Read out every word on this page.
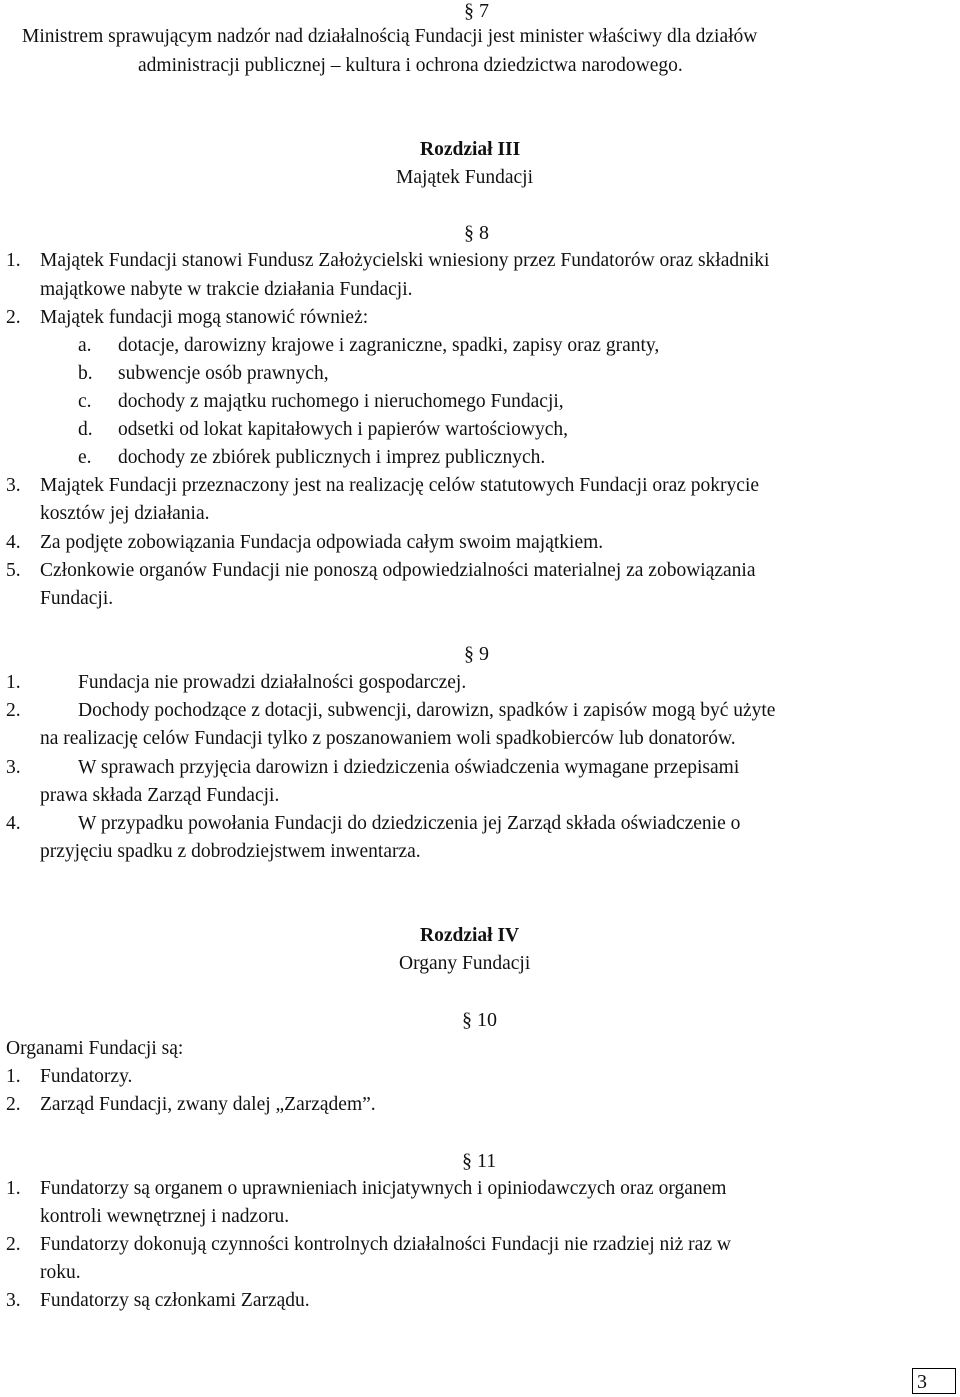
§ 7
Ministrem sprawującym nadzór nad działalnością Fundacji jest minister właściwy dla działów
administracji publicznej – kultura i ochrona dziedzictwa narodowego.
Rozdział III
Majątek Fundacji
§ 8
1. Majątek Fundacji stanowi Fundusz Założycielski wniesiony przez Fundatorów oraz składniki
majątkowe nabyte w trakcie działania Fundacji.
2. Majątek fundacji mogą stanowić również:
a. dotacje, darowizny krajowe i zagraniczne, spadki, zapisy oraz granty,
b. subwencje osób prawnych,
c. dochody z majątku ruchomego i nieruchomego Fundacji,
d. odsetki od lokat kapitałowych i papierów wartościowych,
e. dochody ze zbiórek publicznych i imprez publicznych.
3. Majątek Fundacji przeznaczony jest na realizację celów statutowych Fundacji oraz pokrycie
kosztów jej działania.
4. Za podjęte zobowiązania Fundacja odpowiada całym swoim majątkiem.
5. Członkowie organów Fundacji nie ponoszą odpowiedzialności materialnej za zobowiązania
Fundacji.
§ 9
1.	Fundacja nie prowadzi działalności gospodarczej.
2.	Dochody pochodzące z dotacji, subwencji, darowizn, spadków i zapisów mogą być użyte
na realizację celów Fundacji tylko z poszanowaniem woli spadkobierców lub donatorów.
3.	W sprawach przyjęcia darowizn i dziedziczenia oświadczenia wymagane przepisami
prawa składa Zarząd Fundacji.
4.	W przypadku powołania Fundacji do dziedziczenia jej Zarząd składa oświadczenie o
przyjęciu spadku z dobrodziejstwem inwentarza.
Rozdział IV
Organy Fundacji
§ 10
Organami Fundacji są:
1. Fundatorzy.
2. Zarząd Fundacji, zwany dalej „Zarządem”.
§ 11
1. Fundatorzy są organem o uprawnieniach inicjatywnych i opiniodawczych oraz organem
kontroli wewnętrznej i nadzoru.
2. Fundatorzy dokonują czynności kontrolnych działalności Fundacji nie rzadziej niż raz w
roku.
3. Fundatorzy są członkami Zarządu.
3
